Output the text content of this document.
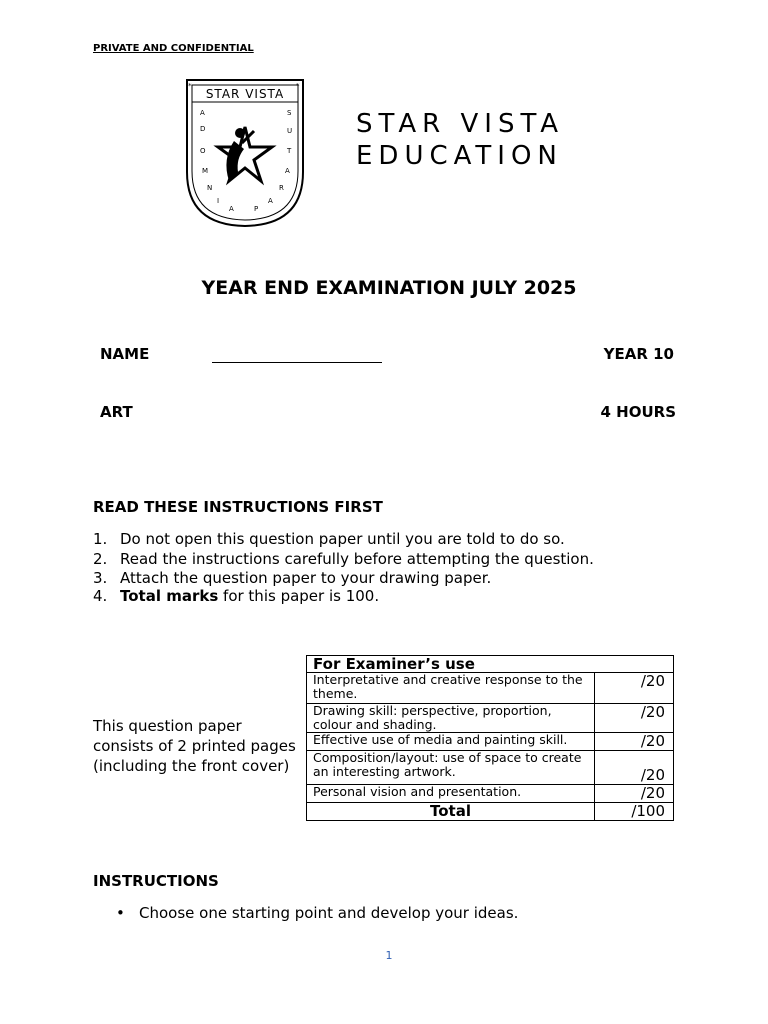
PRIVATE AND CONFIDENTIAL
STAR VISTA
*	*
A
D
O
M
N
I
A	P
A
R
A
T
U
S STAR VISTA
EDUCATION
YEAR END EXAMINATION JULY 2025
NAME	YEAR 10
ART	4 HOURS
READ THESE INSTRUCTIONS FIRST
1. Do not open this question paper until you are told to do so.
2. Read the instructions carefully before attempting the question.
3. Attach the question paper to your drawing paper.
4. Total marks for this paper is 100.
This question paper consists of 2 printed pages (including the front cover)
For Examiner’s use	
Interpretative and creative response to the theme.	/20
Drawing skill: perspective, proportion, colour and shading.	/20
Effective use of media and painting skill.	/20
Composition/layout: use of space to create an interesting artwork.	/20
Personal vision and presentation.	/20
Total	/100
INSTRUCTIONS
• Choose one starting point and develop your ideas.
1
